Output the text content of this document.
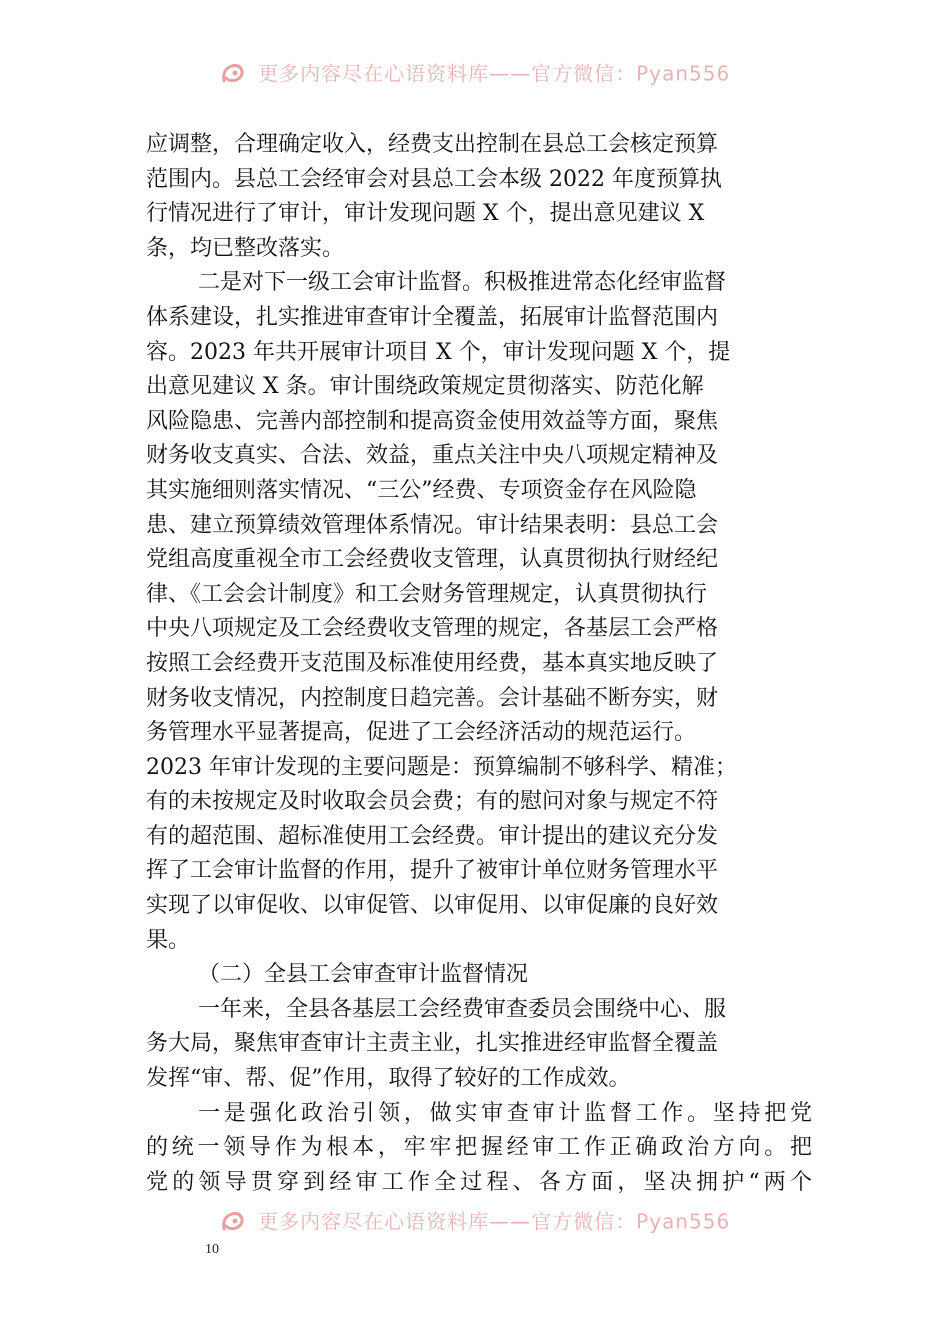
更多内容尽在心语资料库——官方微信：Pyan556

应调整，合理确定收入，经费支出控制在县总工会核定预算
范围内。县总工会经审会对县总工会本级 2022 年度预算执
行情况进行了审计，审计发现问题 X 个，提出意见建议 X
条，均已整改落实。

二是对下一级工会审计监督。积极推进常态化经审监督
体系建设，扎实推进审查审计全覆盖，拓展审计监督范围内
容。2023 年共开展审计项目 X 个，审计发现问题 X 个，提
出意见建议 X 条。审计围绕政策规定贯彻落实、防范化解
风险隐患、完善内部控制和提高资金使用效益等方面，聚焦
财务收支真实、合法、效益，重点关注中央八项规定精神及
其实施细则落实情况、“三公”经费、专项资金存在风险隐
患、建立预算绩效管理体系情况。审计结果表明：县总工会
党组高度重视全市工会经费收支管理，认真贯彻执行财经纪
律、《工会会计制度》和工会财务管理规定，认真贯彻执行
中央八项规定及工会经费收支管理的规定，各基层工会严格
按照工会经费开支范围及标准使用经费，基本真实地反映了
财务收支情况，内控制度日趋完善。会计基础不断夯实，财
务管理水平显著提高，促进了工会经济活动的规范运行。
2023 年审计发现的主要问题是：预算编制不够科学、精准；
有的未按规定及时收取会员会费；有的慰问对象与规定不符
有的超范围、超标准使用工会经费。审计提出的建议充分发
挥了工会审计监督的作用，提升了被审计单位财务管理水平
实现了以审促收、以审促管、以审促用、以审促廉的良好效
果。

（二）全县工会审查审计监督情况

一年来，全县各基层工会经费审查委员会围绕中心、服
务大局，聚焦审查审计主责主业，扎实推进经审监督全覆盖
发挥“审、帮、促”作用，取得了较好的工作成效。

一是强化政治引领，做实审查审计监督工作。坚持把党
的统一领导作为根本，牢牢把握经审工作正确政治方向。把
党的领导贯穿到经审工作全过程、各方面，坚决拥护“两个

更多内容尽在心语资料库——官方微信：Pyan556
10
